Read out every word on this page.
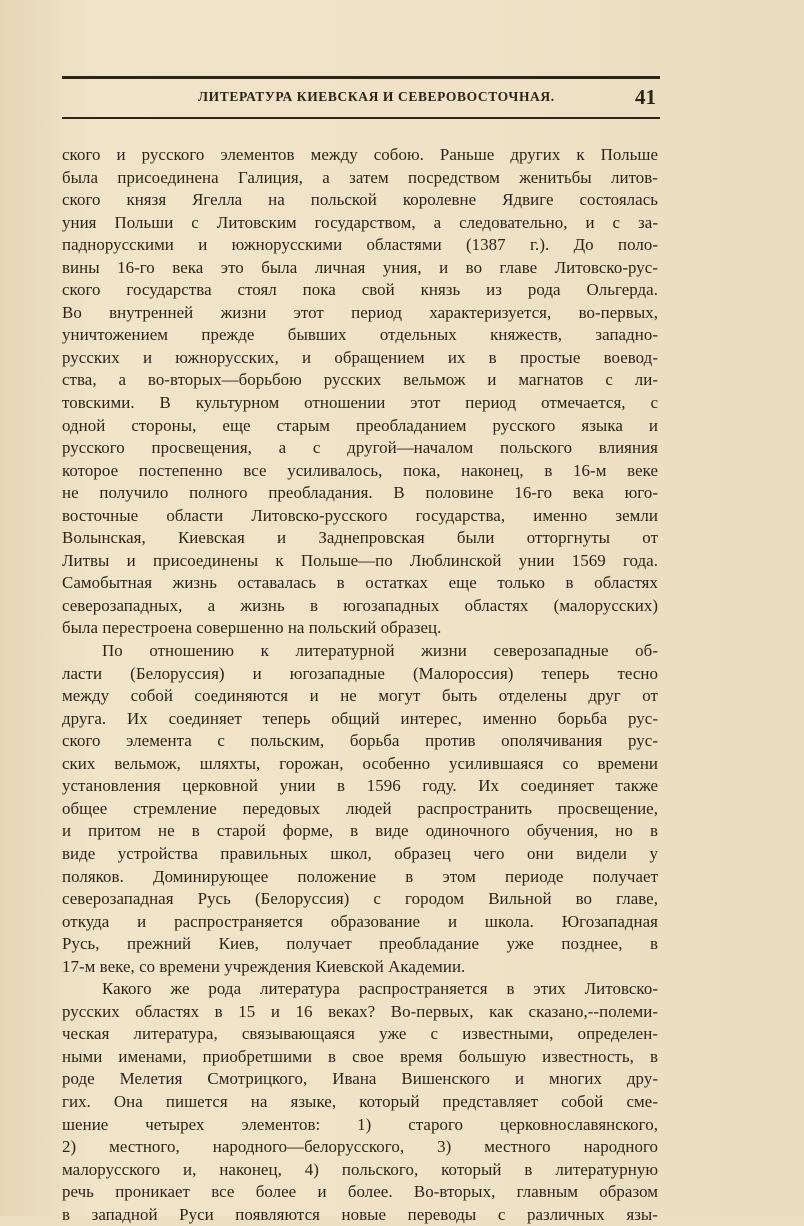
ЛИТЕРАТУРА КИЕВСКАЯ И СЕВЕРОВОСТОЧНАЯ.	41
ского и русского элементов между собою. Раньше других к Польше
была присоединена Галиция, а затем посредством женитьбы литов-
ского князя Ягелла на польской королевне Ядвиге состоялась
уния Польши с Литовским государством, а следовательно, и с за-
паднорусскими и южнорусскими областями (1387 г.). До поло-
вины 16-го века это была личная уния, и во главе Литовско-рус-
ского государства стоял пока свой князь из рода Ольгерда.
Во внутренней жизни этот период характеризуется, во-первых,
уничтожением прежде бывших отдельных княжеств, западно-
русских и южнорусских, и обращением их в простые воевод-
ства, а во-вторых—борьбою русских вельмож и магнатов с ли-
товскими. В культурном отношении этот период отмечается, с
одной стороны, еще старым преобладанием русского языка и
русского просвещения, а с другой—началом польского влияния
которое постепенно все усиливалось, пока, наконец, в 16-м веке
не получило полного преобладания. В половине 16-го века юго-
восточные области Литовско-русского государства, именно земли
Волынская, Киевская и Заднепровская были отторгнуты от
Литвы и присоединены к Польше—по Люблинской унии 1569 года.
Самобытная жизнь оставалась в остатках еще только в областях
северозападных, а жизнь в югозападных областях (малорусских)
была перестроена совершенно на польский образец.
По отношению к литературной жизни северозападные об-
ласти (Белоруссия) и югозападные (Малороссия) теперь тесно
между собой соединяются и не могут быть отделены друг от
друга. Их соединяет теперь общий интерес, именно борьба рус-
ского элемента с польским, борьба против ополячивания рус-
ских вельмож, шляхты, горожан, особенно усилившаяся со времени
установления церковной унии в 1596 году. Их соединяет также
общее стремление передовых людей распространить просвещение,
и притом не в старой форме, в виде одиночного обучения, но в
виде устройства правильных школ, образец чего они видели у
поляков. Доминирующее положение в этом периоде получает
северозападная Русь (Белоруссия) с городом Вильной во главе,
откуда и распространяется образование и школа. Югозападная
Русь, прежний Киев, получает преобладание уже позднее, в
17-м веке, со времени учреждения Киевской Академии.
Какого же рода литература распространяется в этих Литовско-
русских областях в 15 и 16 веках? Во-первых, как сказано,--полеми-
ческая литература, связывающаяся уже с известными, определен-
ными именами, приобретшими в свое время большую известность, в
роде Мелетия Смотрицкого, Ивана Вишенского и многих дру-
гих. Она пишется на языке, который представляет собой сме-
шение четырех элементов: 1) старого церковнославянского,
2) местного, народного—белорусского, 3) местного народного
малорусского и, наконец, 4) польского, который в литературную
речь проникает все более и более. Во-вторых, главным образом
в западной Руси появляются новые переводы с различных язы-
